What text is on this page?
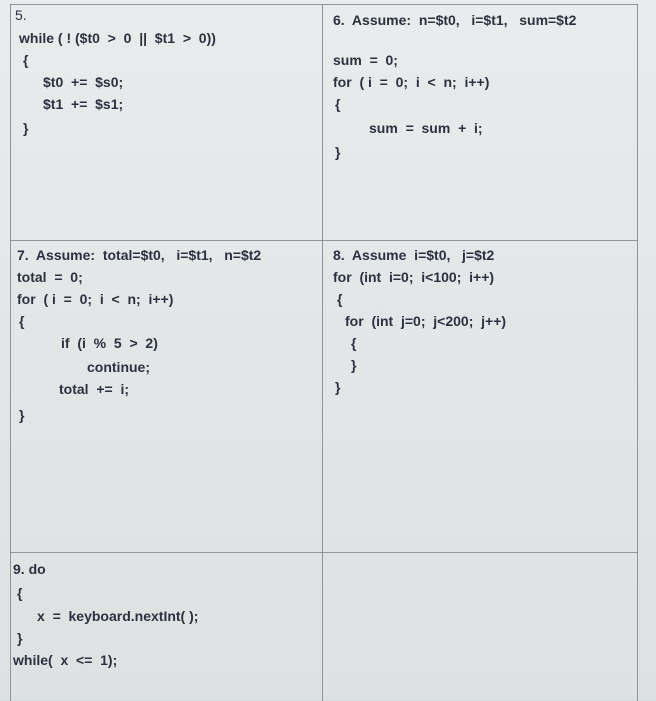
5.
while ( ! ($t0  >  0  ||  $t1  >  0))
{
$t0  +=  $s0;
$t1  +=  $s1;
}
6.  Assume:  n=$t0,   i=$t1,   sum=$t2
sum  =  0;
for  ( i  =  0;  i  <  n;  i++)
{
sum  =  sum  +  i;
}
7.  Assume:  total=$t0,   i=$t1,   n=$t2
total  =  0;
for  ( i  =  0;  i  <  n;  i++)
{
if  (i  %  5  >  2)
continue;
total  +=  i;
}
8.  Assume  i=$t0,   j=$t2
for  (int  i=0;  i<100;  i++)
{
for  (int  j=0;  j<200;  j++)
{
}
}
9. do
{
x  =  keyboard.nextInt( );
}
while(  x  <=  1);
